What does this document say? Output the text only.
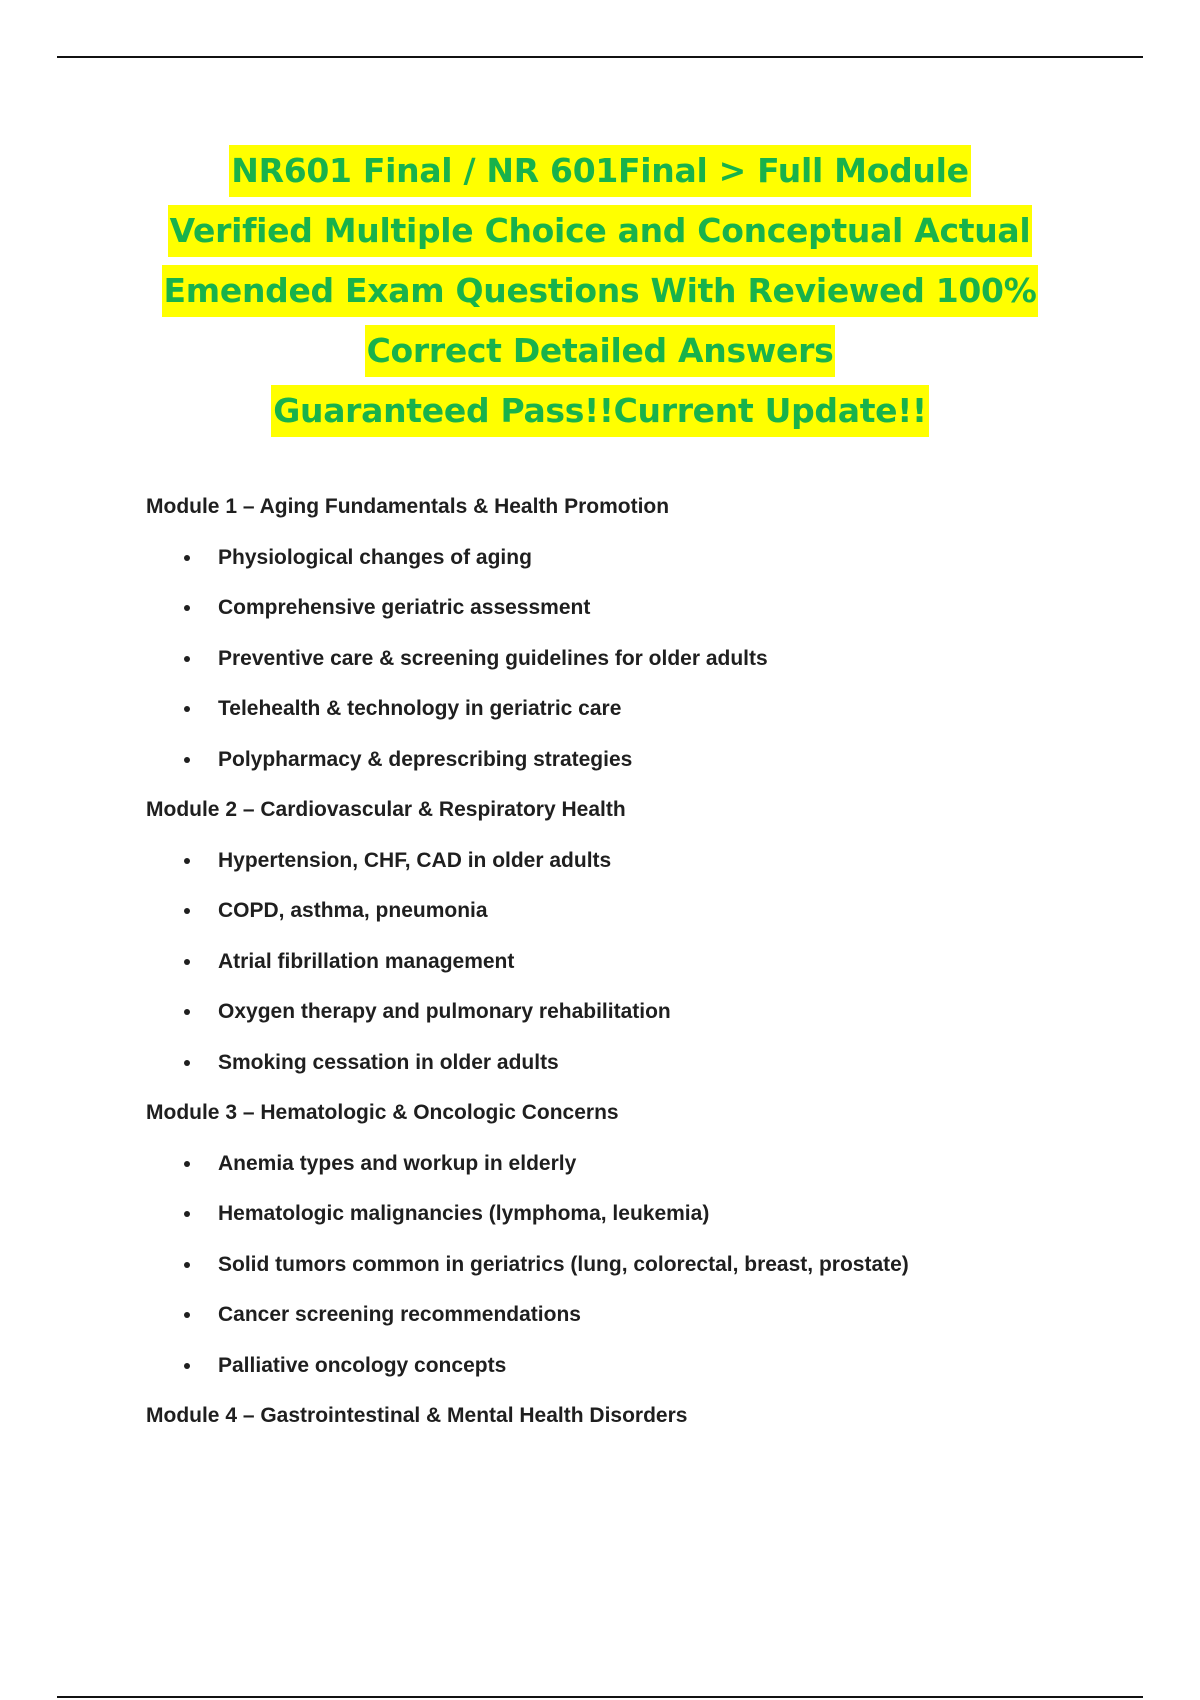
NR601 Final / NR 601Final > Full Module
Verified Multiple Choice and Conceptual Actual
Emended Exam Questions With Reviewed 100%
Correct Detailed Answers
Guaranteed Pass!!Current Update!!
Module 1 – Aging Fundamentals & Health Promotion
Physiological changes of aging
Comprehensive geriatric assessment
Preventive care & screening guidelines for older adults
Telehealth & technology in geriatric care
Polypharmacy & deprescribing strategies
Module 2 – Cardiovascular & Respiratory Health
Hypertension, CHF, CAD in older adults
COPD, asthma, pneumonia
Atrial fibrillation management
Oxygen therapy and pulmonary rehabilitation
Smoking cessation in older adults
Module 3 – Hematologic & Oncologic Concerns
Anemia types and workup in elderly
Hematologic malignancies (lymphoma, leukemia)
Solid tumors common in geriatrics (lung, colorectal, breast, prostate)
Cancer screening recommendations
Palliative oncology concepts
Module 4 – Gastrointestinal & Mental Health Disorders
